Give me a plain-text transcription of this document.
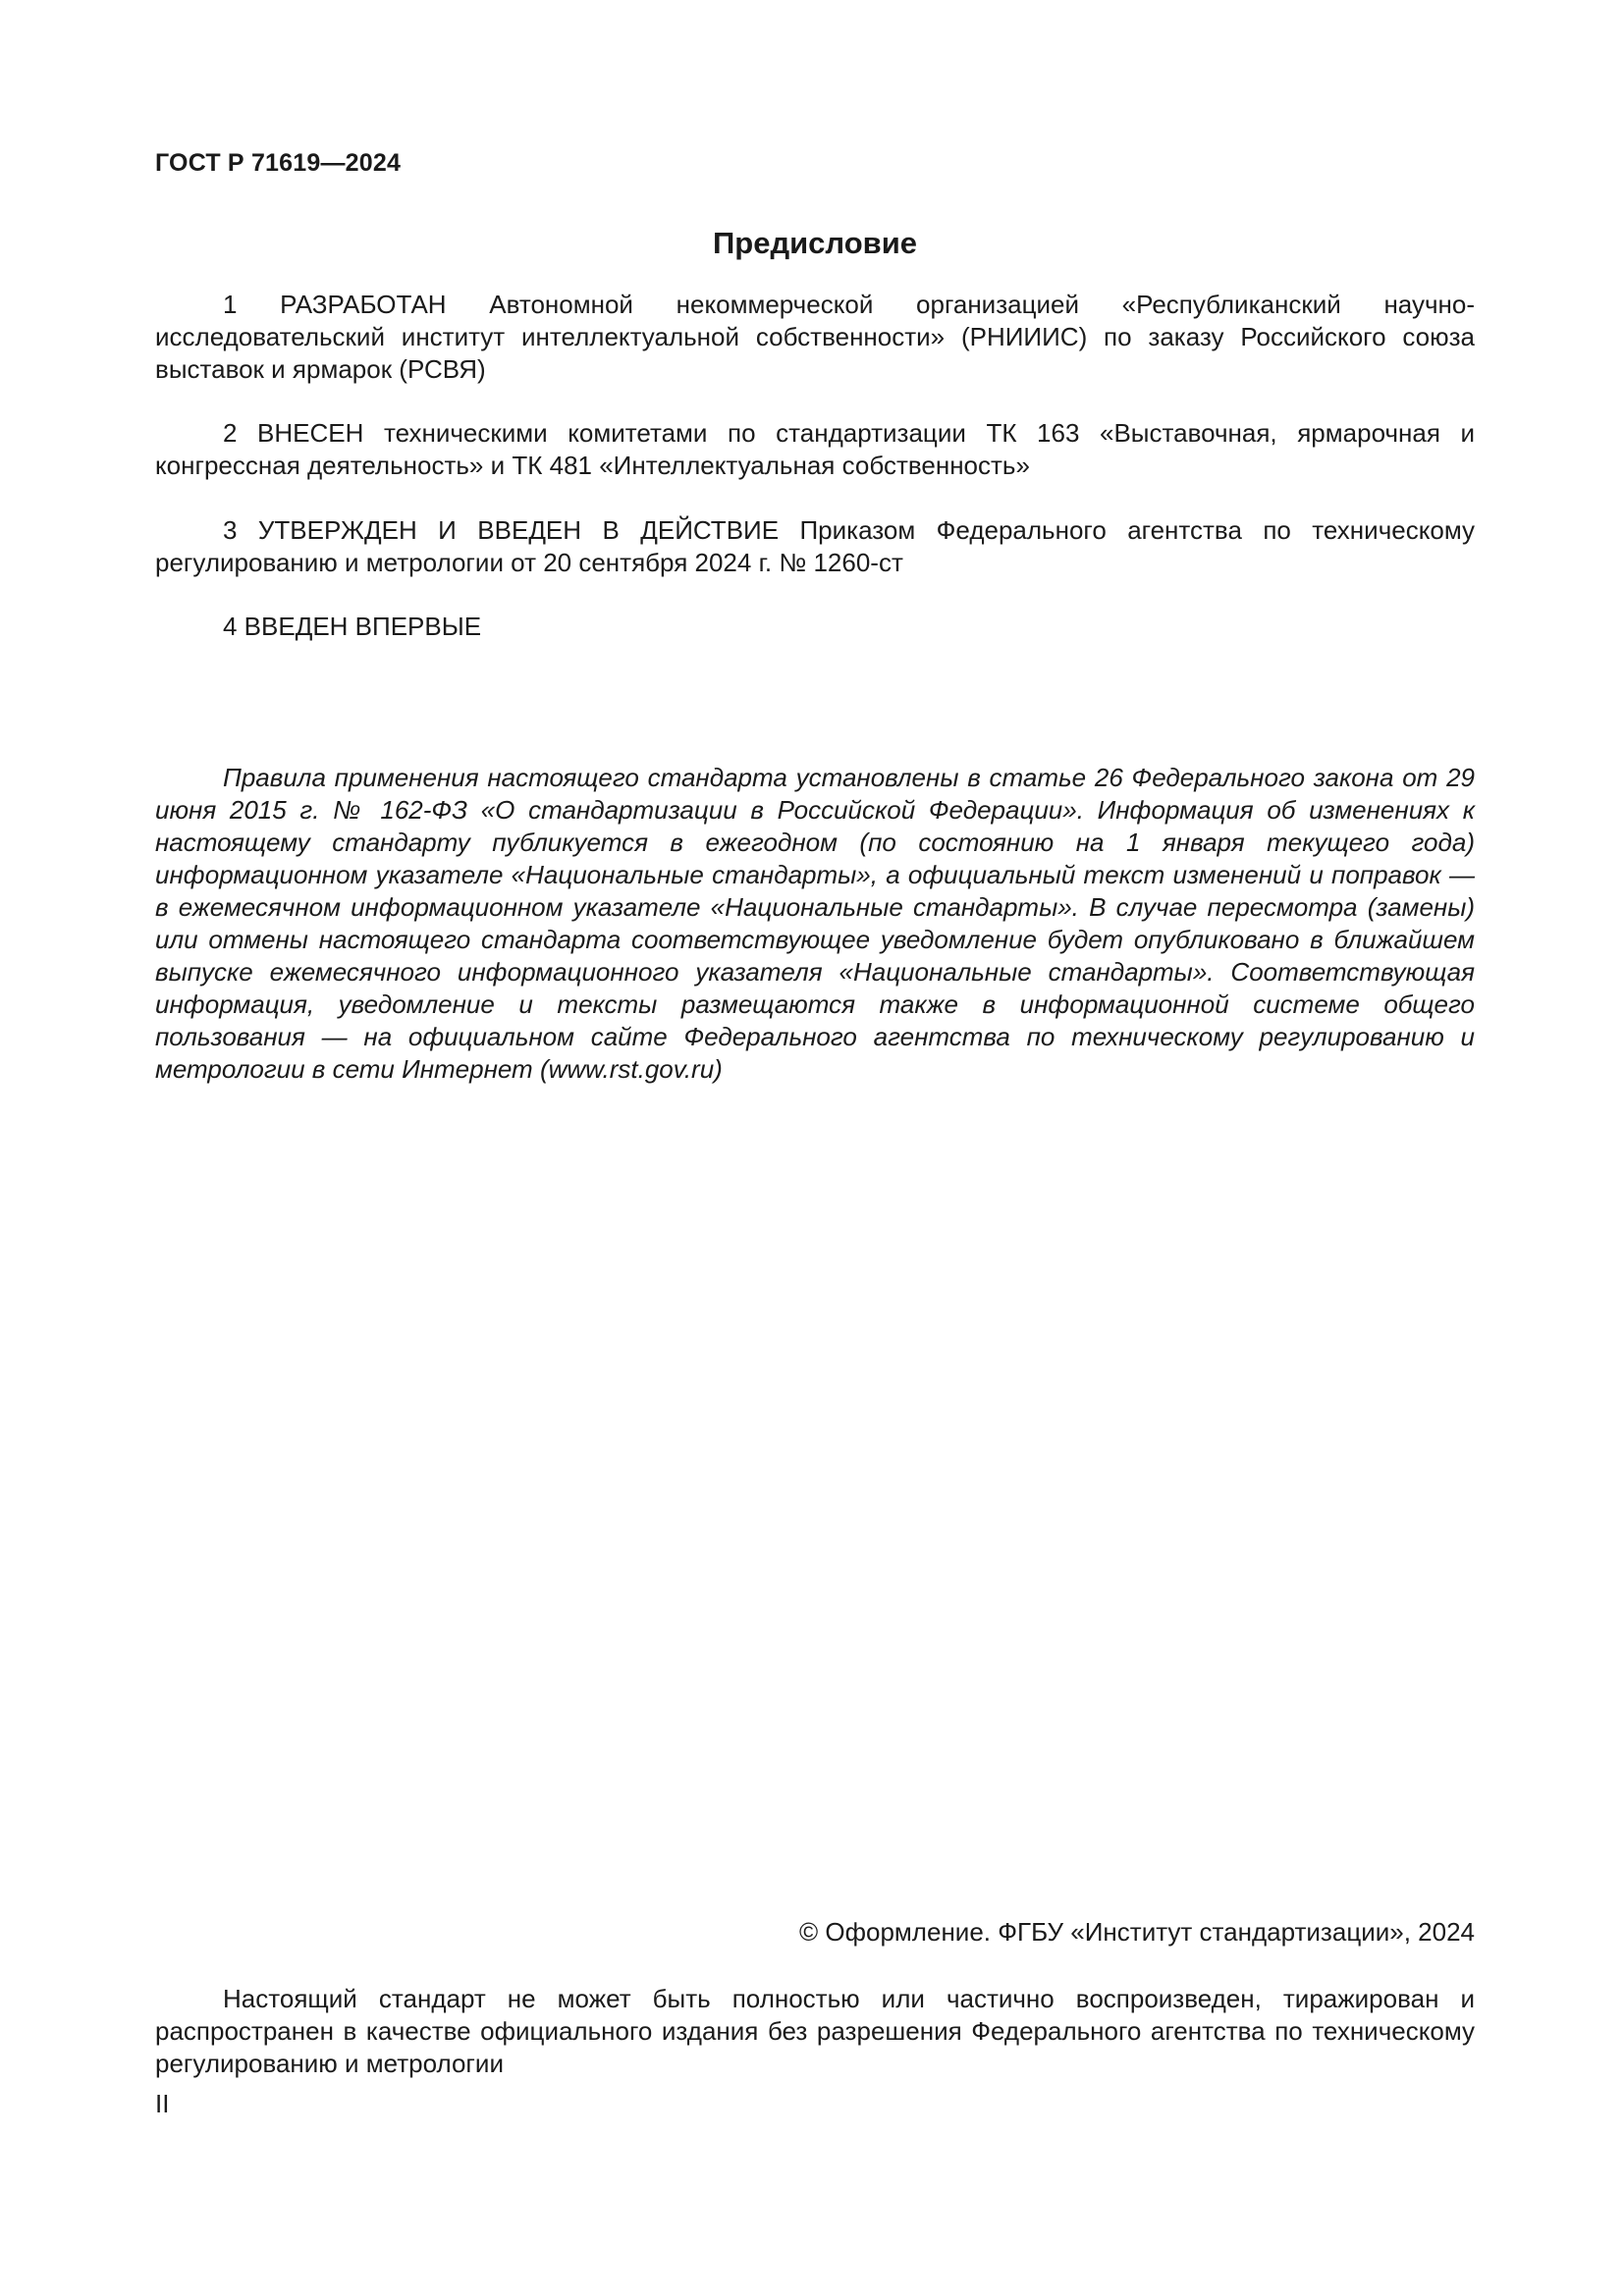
ГОСТ Р 71619—2024
Предисловие

1 РАЗРАБОТАН Автономной некоммерческой организацией «Республиканский научно-исследовательский институт интеллектуальной собственности» (РНИИИС) по заказу Российского союза выставок и ярмарок (РСВЯ)

2 ВНЕСЕН техническими комитетами по стандартизации ТК 163 «Выставочная, ярмарочная и конгрессная деятельность» и ТК 481 «Интеллектуальная собственность»

3 УТВЕРЖДЕН И ВВЕДЕН В ДЕЙСТВИЕ Приказом Федерального агентства по техническому регулированию и метрологии от 20 сентября 2024 г. № 1260-ст

4 ВВЕДЕН ВПЕРВЫЕ

Правила применения настоящего стандарта установлены в статье 26 Федерального закона от 29 июня 2015 г. № 162-ФЗ «О стандартизации в Российской Федерации». Информация об изменениях к настоящему стандарту публикуется в ежегодном (по состоянию на 1 января текущего года) информационном указателе «Национальные стандарты», а официальный текст изменений и поправок — в ежемесячном информационном указателе «Национальные стандарты». В случае пересмотра (замены) или отмены настоящего стандарта соответствующее уведомление будет опубликовано в ближайшем выпуске ежемесячного информационного указателя «Национальные стандарты». Соответствующая информация, уведомление и тексты размещаются также в информационной системе общего пользования — на официальном сайте Федерального агентства по техническому регулированию и метрологии в сети Интернет (www.rst.gov.ru)

© Оформление. ФГБУ «Институт стандартизации», 2024

Настоящий стандарт не может быть полностью или частично воспроизведен, тиражирован и распространен в качестве официального издания без разрешения Федерального агентства по техническому регулированию и метрологии

II
